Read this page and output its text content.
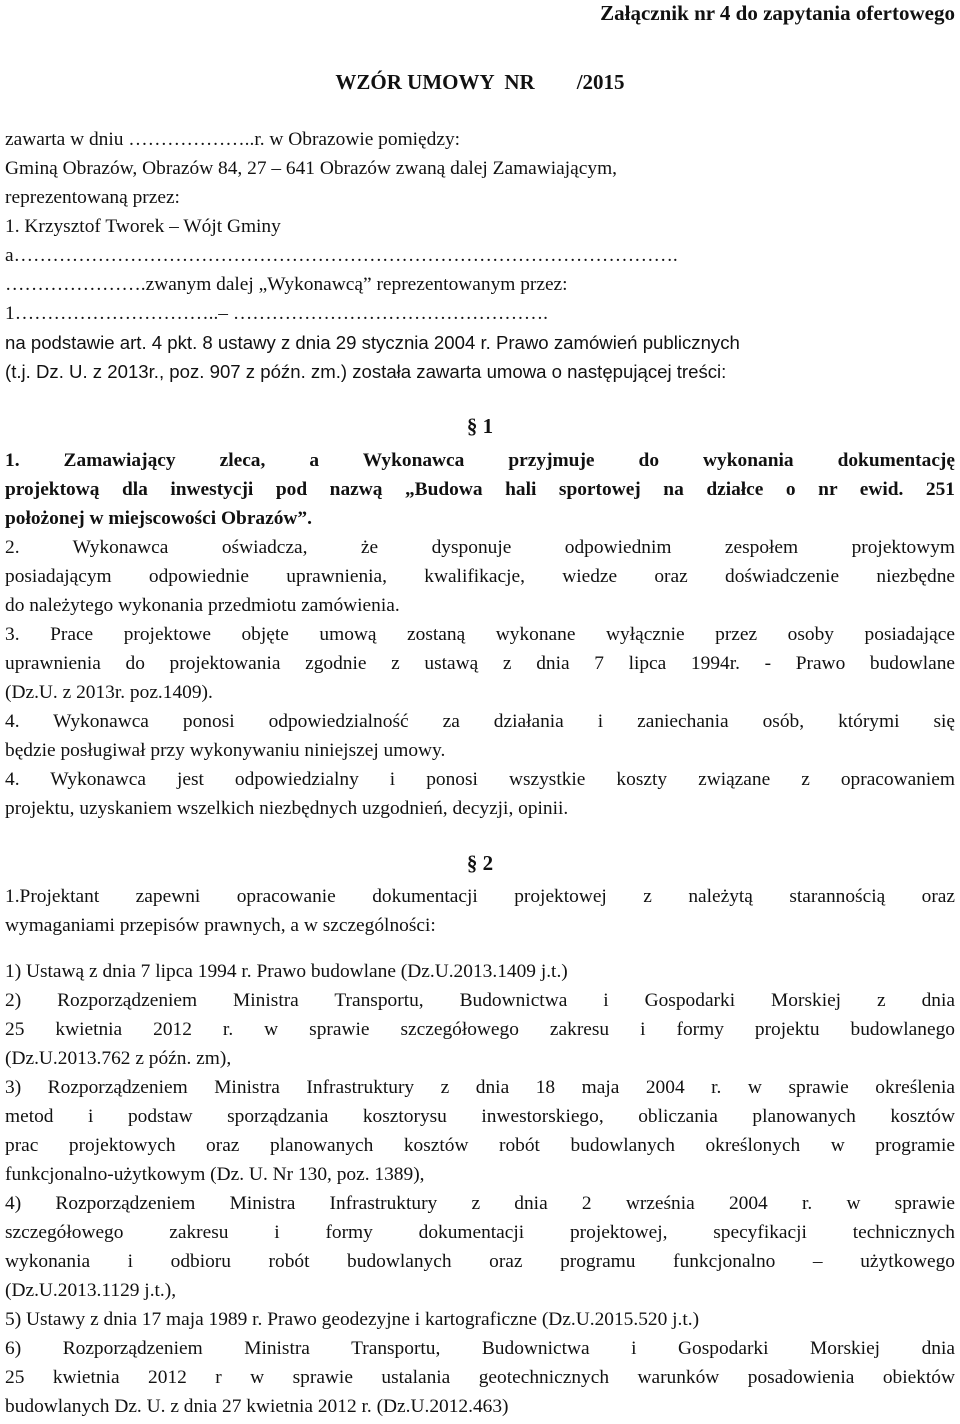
Załącznik nr 4 do zapytania ofertowego
WZÓR UMOWY  NR        /2015
zawarta w dniu ………………..r. w Obrazowie pomiędzy:
Gminą Obrazów, Obrazów 84, 27 – 641 Obrazów zwaną dalej Zamawiającym,
reprezentowaną przez:
1. Krzysztof Tworek – Wójt Gminy
a………………………………………………………………………………………….
………………….zwanym dalej „Wykonawcą” reprezentowanym przez:
1…………………………..– ………………………………………….
na podstawie art. 4 pkt. 8 ustawy z dnia 29 stycznia 2004 r. Prawo zamówień publicznych
(t.j. Dz. U. z 2013r., poz. 907 z późn. zm.) została zawarta umowa o następującej treści:
§ 1
1. Zamawiający zleca, a Wykonawca przyjmuje do wykonania dokumentację
projektową dla inwestycji pod nazwą „Budowa hali sportowej na działce o nr ewid. 251
położonej w miejscowości Obrazów”.
2. Wykonawca oświadcza, że dysponuje odpowiednim zespołem projektowym
posiadającym odpowiednie uprawnienia, kwalifikacje, wiedze oraz doświadczenie niezbędne
do należytego wykonania przedmiotu zamówienia.
3. Prace projektowe objęte umową zostaną wykonane wyłącznie przez osoby posiadające
uprawnienia do projektowania zgodnie z ustawą z dnia 7 lipca 1994r. - Prawo budowlane
(Dz.U. z 2013r. poz.1409).
4. Wykonawca ponosi odpowiedzialność za działania i zaniechania osób, którymi się
będzie posługiwał przy wykonywaniu niniejszej umowy.
4. Wykonawca jest odpowiedzialny i ponosi wszystkie koszty związane z opracowaniem
projektu, uzyskaniem wszelkich niezbędnych uzgodnień, decyzji, opinii.
§ 2
1.Projektant zapewni opracowanie dokumentacji projektowej z należytą starannością oraz
wymaganiami przepisów prawnych, a w szczególności:
1) Ustawą z dnia 7 lipca 1994 r. Prawo budowlane (Dz.U.2013.1409 j.t.)
2) Rozporządzeniem Ministra Transportu, Budownictwa i Gospodarki Morskiej z dnia
25 kwietnia 2012 r. w sprawie szczegółowego zakresu i formy projektu budowlanego
(Dz.U.2013.762 z późn. zm),
3) Rozporządzeniem Ministra Infrastruktury z dnia 18 maja 2004 r. w sprawie określenia
metod i podstaw sporządzania kosztorysu inwestorskiego, obliczania planowanych kosztów
prac projektowych oraz planowanych kosztów robót budowlanych określonych w programie
funkcjonalno-użytkowym (Dz. U. Nr 130, poz. 1389),
4) Rozporządzeniem Ministra Infrastruktury z dnia 2 września 2004 r. w sprawie
szczegółowego zakresu i formy dokumentacji projektowej, specyfikacji technicznych
wykonania i odbioru robót budowlanych oraz programu funkcjonalno – użytkowego
(Dz.U.2013.1129 j.t.),
5) Ustawy z dnia 17 maja 1989 r. Prawo geodezyjne i kartograficzne (Dz.U.2015.520 j.t.)
6) Rozporządzeniem Ministra Transportu, Budownictwa i Gospodarki Morskiej dnia
25 kwietnia 2012 r w sprawie ustalania geotechnicznych warunków posadowienia obiektów
budowlanych Dz. U. z dnia 27 kwietnia 2012 r. (Dz.U.2012.463)
